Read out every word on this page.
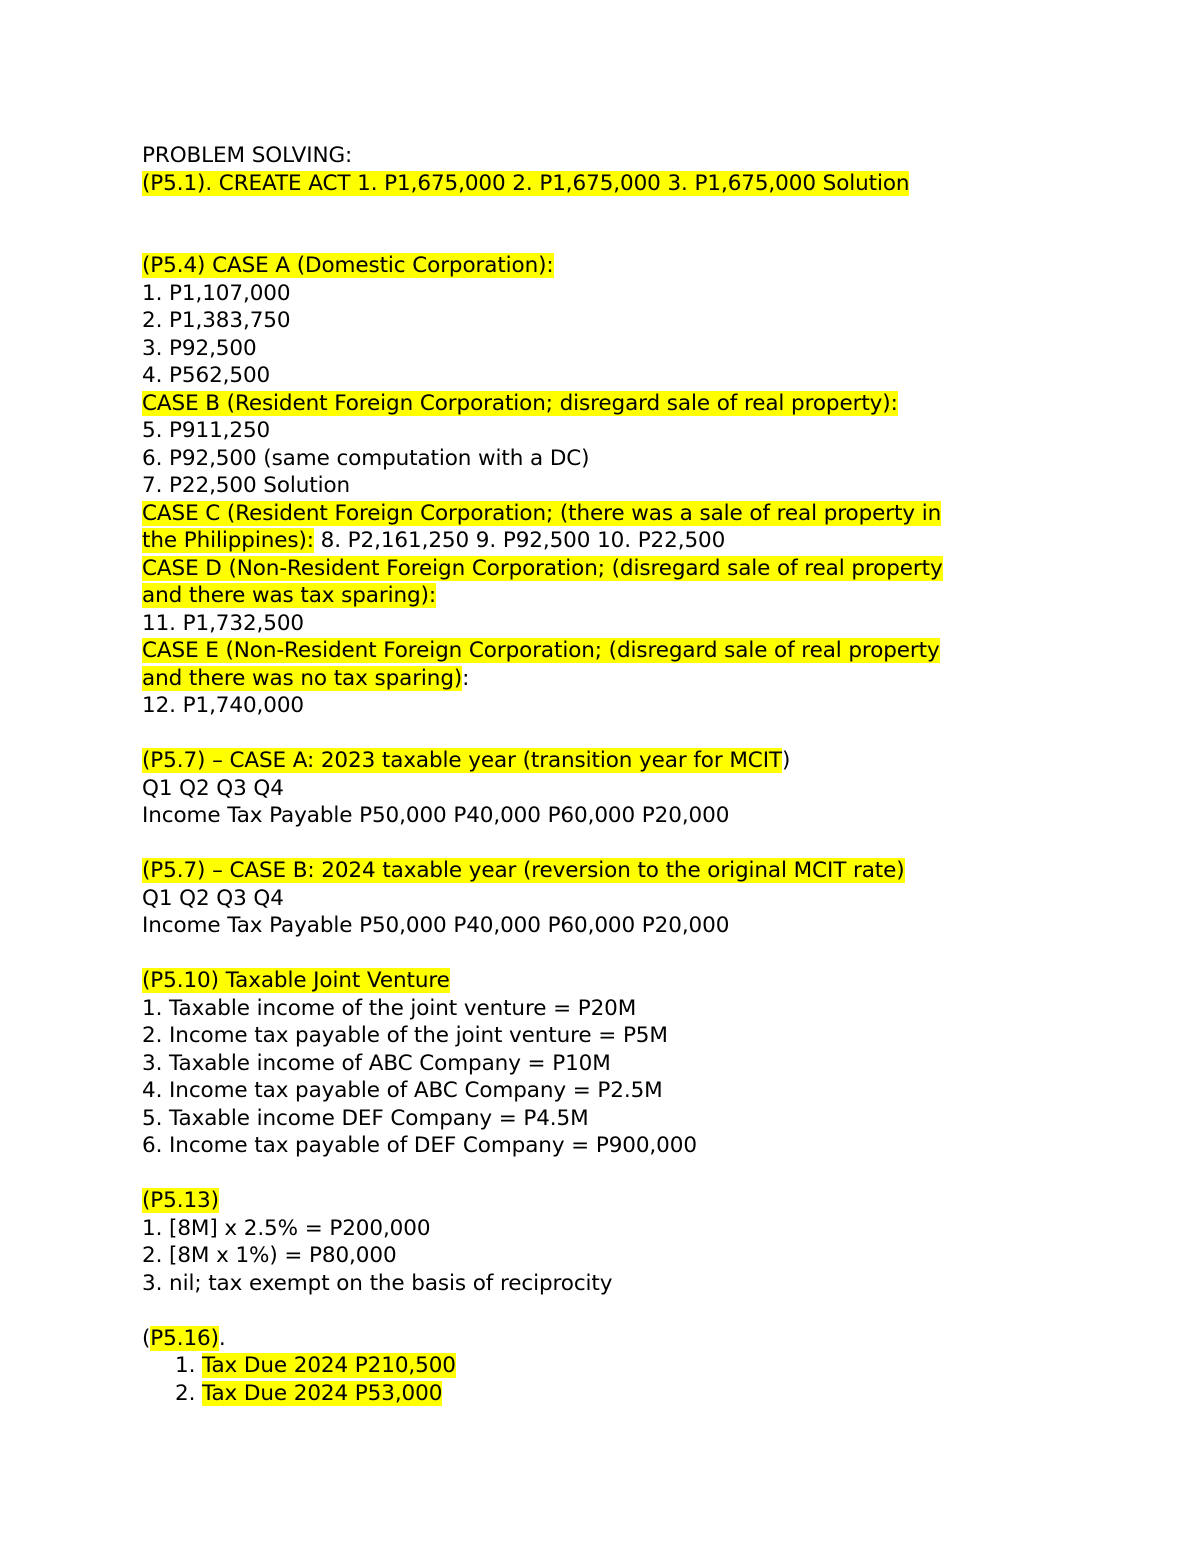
PROBLEM SOLVING:
(P5.1). CREATE ACT 1. P1,675,000 2. P1,675,000 3. P1,675,000 Solution
(P5.4) CASE A (Domestic Corporation):
1. P1,107,000
2. P1,383,750
3. P92,500
4. P562,500
CASE B (Resident Foreign Corporation; disregard sale of real property):
5. P911,250
6. P92,500 (same computation with a DC)
7. P22,500 Solution
CASE C (Resident Foreign Corporation; (there was a sale of real property in
the Philippines): 8. P2,161,250 9. P92,500 10. P22,500
CASE D (Non-Resident Foreign Corporation; (disregard sale of real property
and there was tax sparing):
11. P1,732,500
CASE E (Non-Resident Foreign Corporation; (disregard sale of real property
and there was no tax sparing):
12. P1,740,000
(P5.7) – CASE A: 2023 taxable year (transition year for MCIT)
Q1 Q2 Q3 Q4
Income Tax Payable P50,000 P40,000 P60,000 P20,000
(P5.7) – CASE B: 2024 taxable year (reversion to the original MCIT rate)
Q1 Q2 Q3 Q4
Income Tax Payable P50,000 P40,000 P60,000 P20,000
(P5.10) Taxable Joint Venture
1. Taxable income of the joint venture = P20M
2. Income tax payable of the joint venture = P5M
3. Taxable income of ABC Company = P10M
4. Income tax payable of ABC Company = P2.5M
5. Taxable income DEF Company = P4.5M
6. Income tax payable of DEF Company = P900,000
(P5.13)
1. [8M] x 2.5% = P200,000
2. [8M x 1%) = P80,000
3. nil; tax exempt on the basis of reciprocity
(P5.16).
1. Tax Due 2024 P210,500
2. Tax Due 2024 P53,000
